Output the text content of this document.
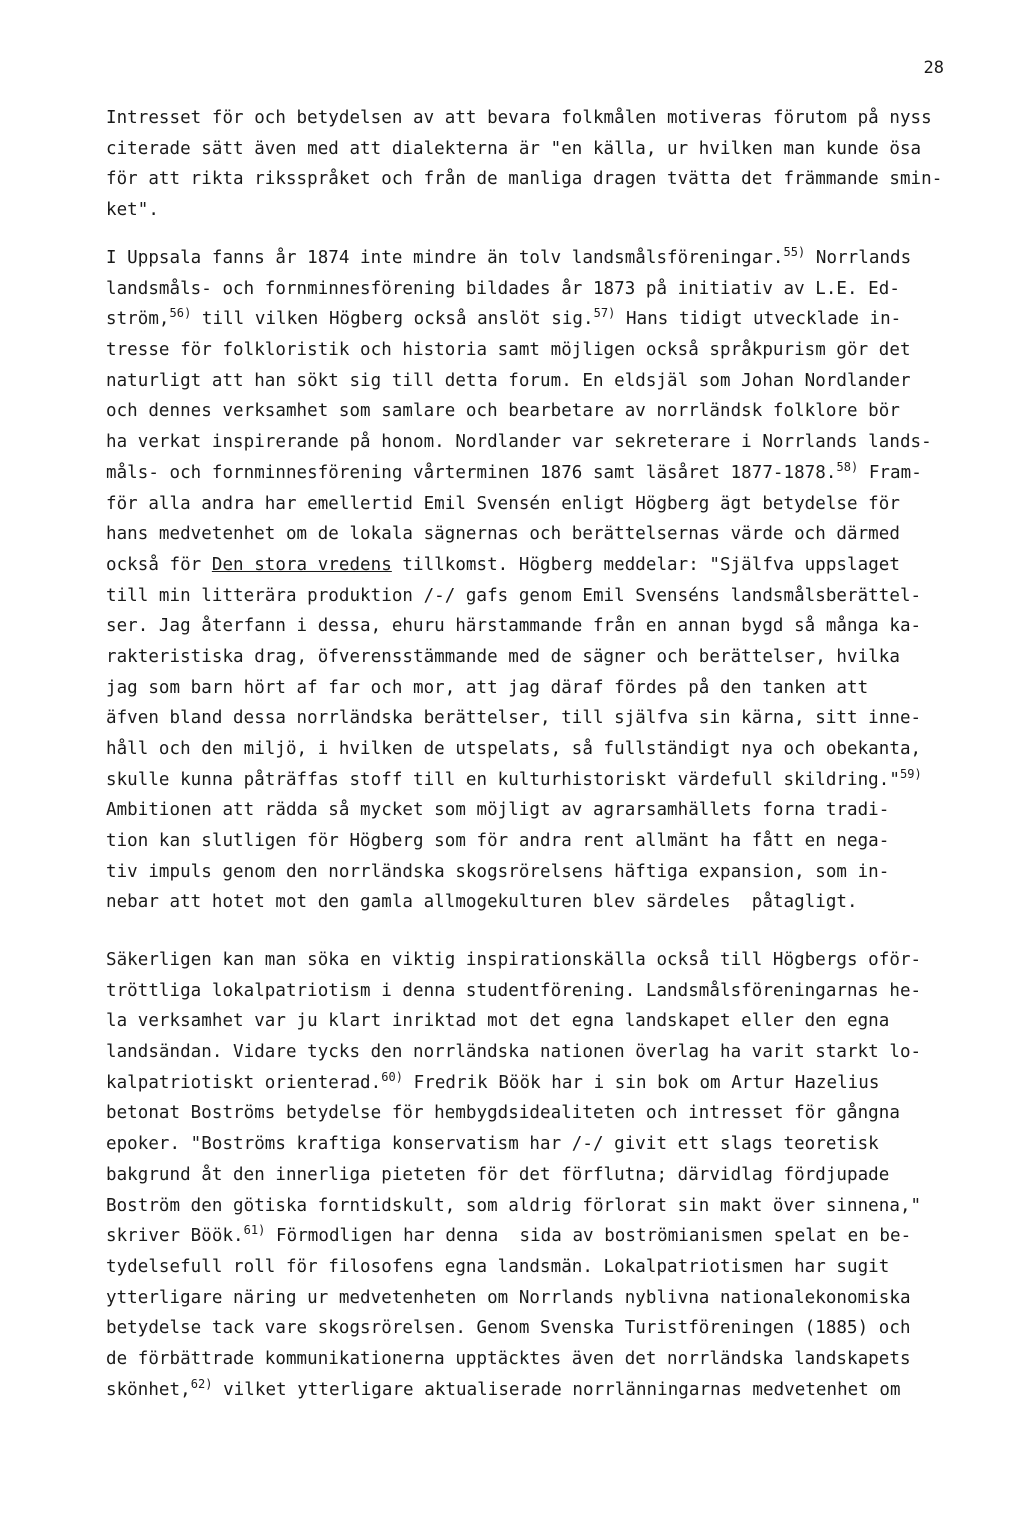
28
Intresset för och betydelsen av att bevara folkmålen motiveras förutom på nyss
citerade sätt även med att dialekterna är "en källa, ur hvilken man kunde ösa
för att rikta riksspråket och från de manliga dragen tvätta det främmande smin-
ket".
I Uppsala fanns år 1874 inte mindre än tolv landsmålsföreningar.$^{55)}$ Norrlands
landsmåls- och fornminnesförening bildades år 1873 på initiativ av L.E. Ed-
ström,$^{56)}$ till vilken Högberg också anslöt sig.$^{57)}$ Hans tidigt utvecklade in-
tresse för folkloristik och historia samt möjligen också språkpurism gör det
naturligt att han sökt sig till detta forum. En eldsjäl som Johan Nordlander
och dennes verksamhet som samlare och bearbetare av norrländsk folklore bör
ha verkat inspirerande på honom. Nordlander var sekreterare i Norrlands lands-
måls- och fornminnesförening vårterminen 1876 samt läsåret 1877-1878.$^{58)}$ Fram-
för alla andra har emellertid Emil Svensén enligt Högberg ägt betydelse för
hans medvetenhet om de lokala sägnernas och berättelsernas värde och därmed
också för Den stora vredens tillkomst. Högberg meddelar: "Själfva uppslaget
till min litterära produktion /-/ gafs genom Emil Svenséns landsmålsberättel-
ser. Jag återfann i dessa, ehuru härstammande från en annan bygd så många ka-
rakteristiska drag, öfverensstämmande med de sägner och berättelser, hvilka
jag som barn hört af far och mor, att jag däraf fördes på den tanken att
äfven bland dessa norrländska berättelser, till själfva sin kärna, sitt inne-
håll och den miljö, i hvilken de utspelats, så fullständigt nya och obekanta,
skulle kunna påträffas stoff till en kulturhistoriskt värdefull skildring."$^{59)}$
Ambitionen att rädda så mycket som möjligt av agrarsamhällets forna tradi-
tion kan slutligen för Högberg som för andra rent allmänt ha fått en nega-
tiv impuls genom den norrländska skogsrörelsens häftiga expansion, som in-
nebar att hotet mot den gamla allmogekulturen blev särdeles  påtagligt.
Säkerligen kan man söka en viktig inspirationskälla också till Högbergs oför-
tröttliga lokalpatriotism i denna studentförening. Landsmålsföreningarnas he-
la verksamhet var ju klart inriktad mot det egna landskapet eller den egna
landsändan. Vidare tycks den norrländska nationen överlag ha varit starkt lo-
kalpatriotiskt orienterad.$^{60)}$ Fredrik Böök har i sin bok om Artur Hazelius
betonat Boströms betydelse för hembygdsidealiteten och intresset för gångna
epoker. "Boströms kraftiga konservatism har /-/ givit ett slags teoretisk
bakgrund åt den innerliga pieteten för det förflutna; därvidlag fördjupade
Boström den götiska forntidskult, som aldrig förlorat sin makt över sinnena,"
skriver Böök.$^{61)}$ Förmodligen har denna  sida av boströmianismen spelat en be-
tydelsefull roll för filosofens egna landsmän. Lokalpatriotismen har sugit
ytterligare näring ur medvetenheten om Norrlands nyblivna nationalekonomiska
betydelse tack vare skogsrörelsen. Genom Svenska Turistföreningen (1885) och
de förbättrade kommunikationerna upptäcktes även det norrländska landskapets
skönhet,$^{62)}$ vilket ytterligare aktualiserade norrlänningarnas medvetenhet om
